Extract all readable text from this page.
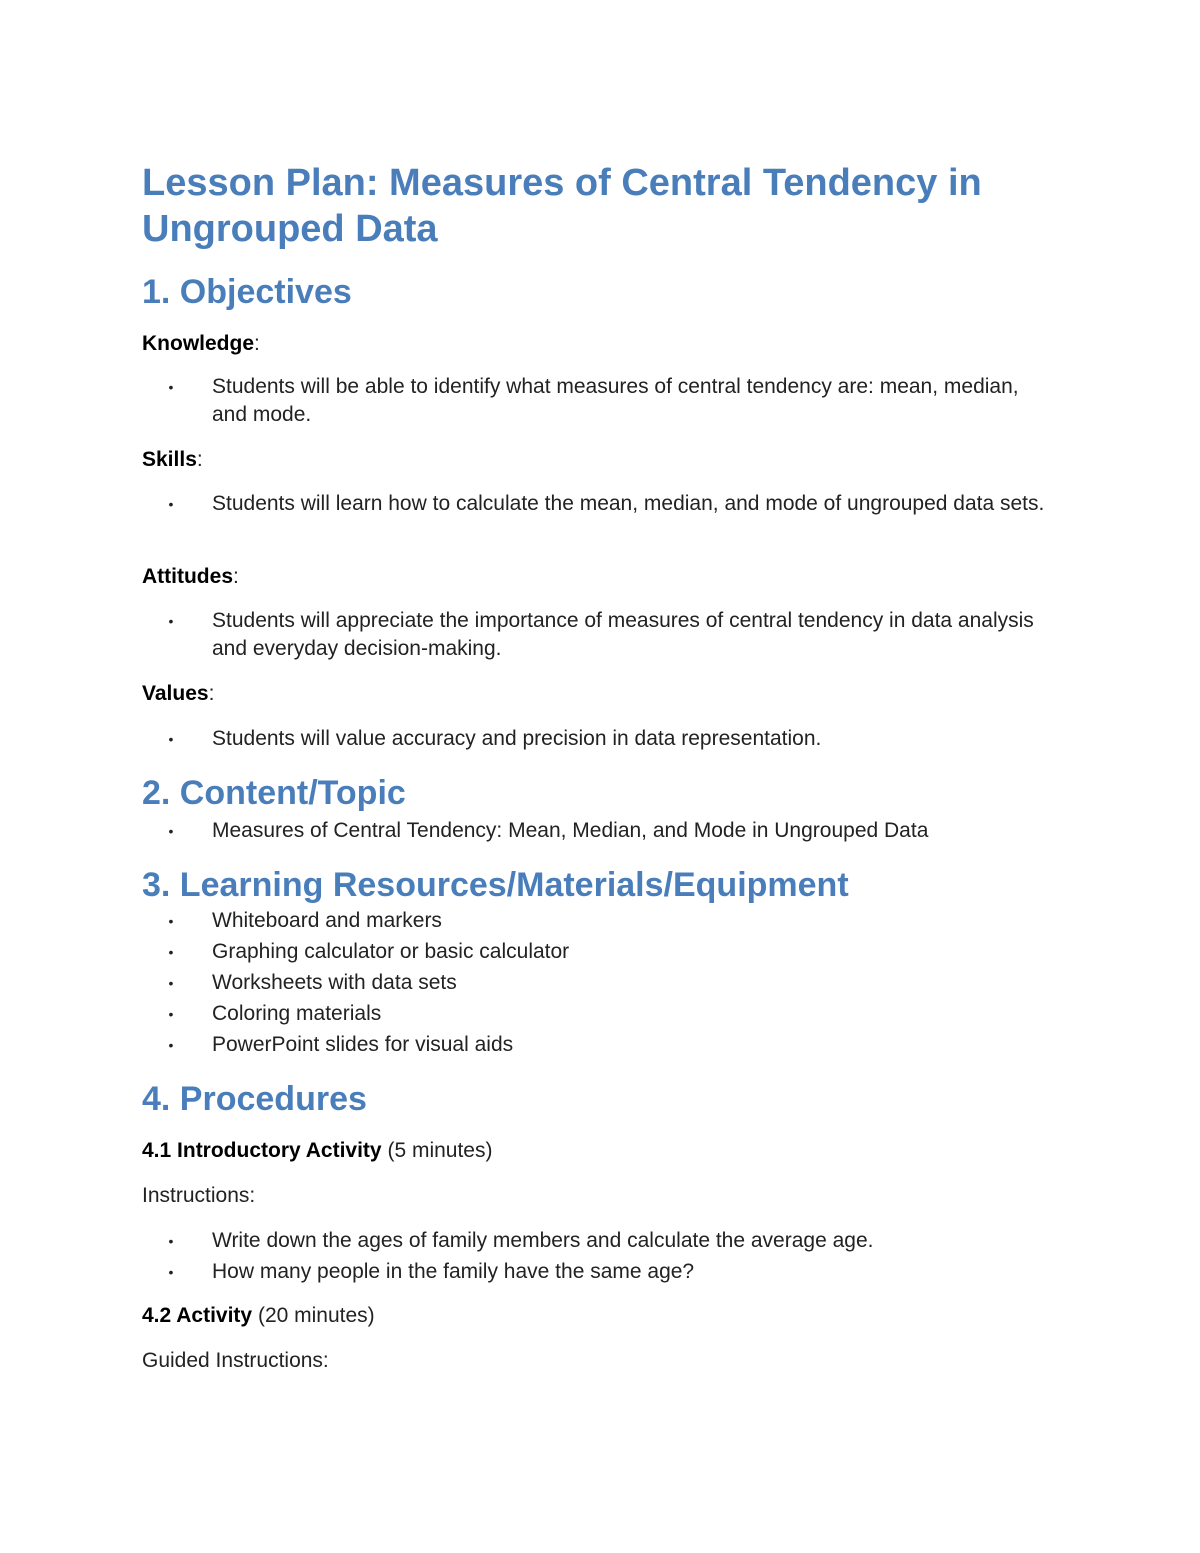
Lesson Plan: Measures of Central Tendency in Ungrouped Data
1. Objectives

Knowledge:

• Students will be able to identify what measures of central tendency are: mean, median, and mode.

Skills:

• Students will learn how to calculate the mean, median, and mode of ungrouped data sets.

Attitudes:

• Students will appreciate the importance of measures of central tendency in data analysis and everyday decision-making.

Values:

• Students will value accuracy and precision in data representation.
2. Content/Topic
• Measures of Central Tendency: Mean, Median, and Mode in Ungrouped Data
3. Learning Resources/Materials/Equipment
• Whiteboard and markers
• Graphing calculator or basic calculator
• Worksheets with data sets
• Coloring materials
• PowerPoint slides for visual aids
4. Procedures

4.1 Introductory Activity (5 minutes)

Instructions:

• Write down the ages of family members and calculate the average age.
• How many people in the family have the same age?

4.2 Activity (20 minutes)

Guided Instructions:
